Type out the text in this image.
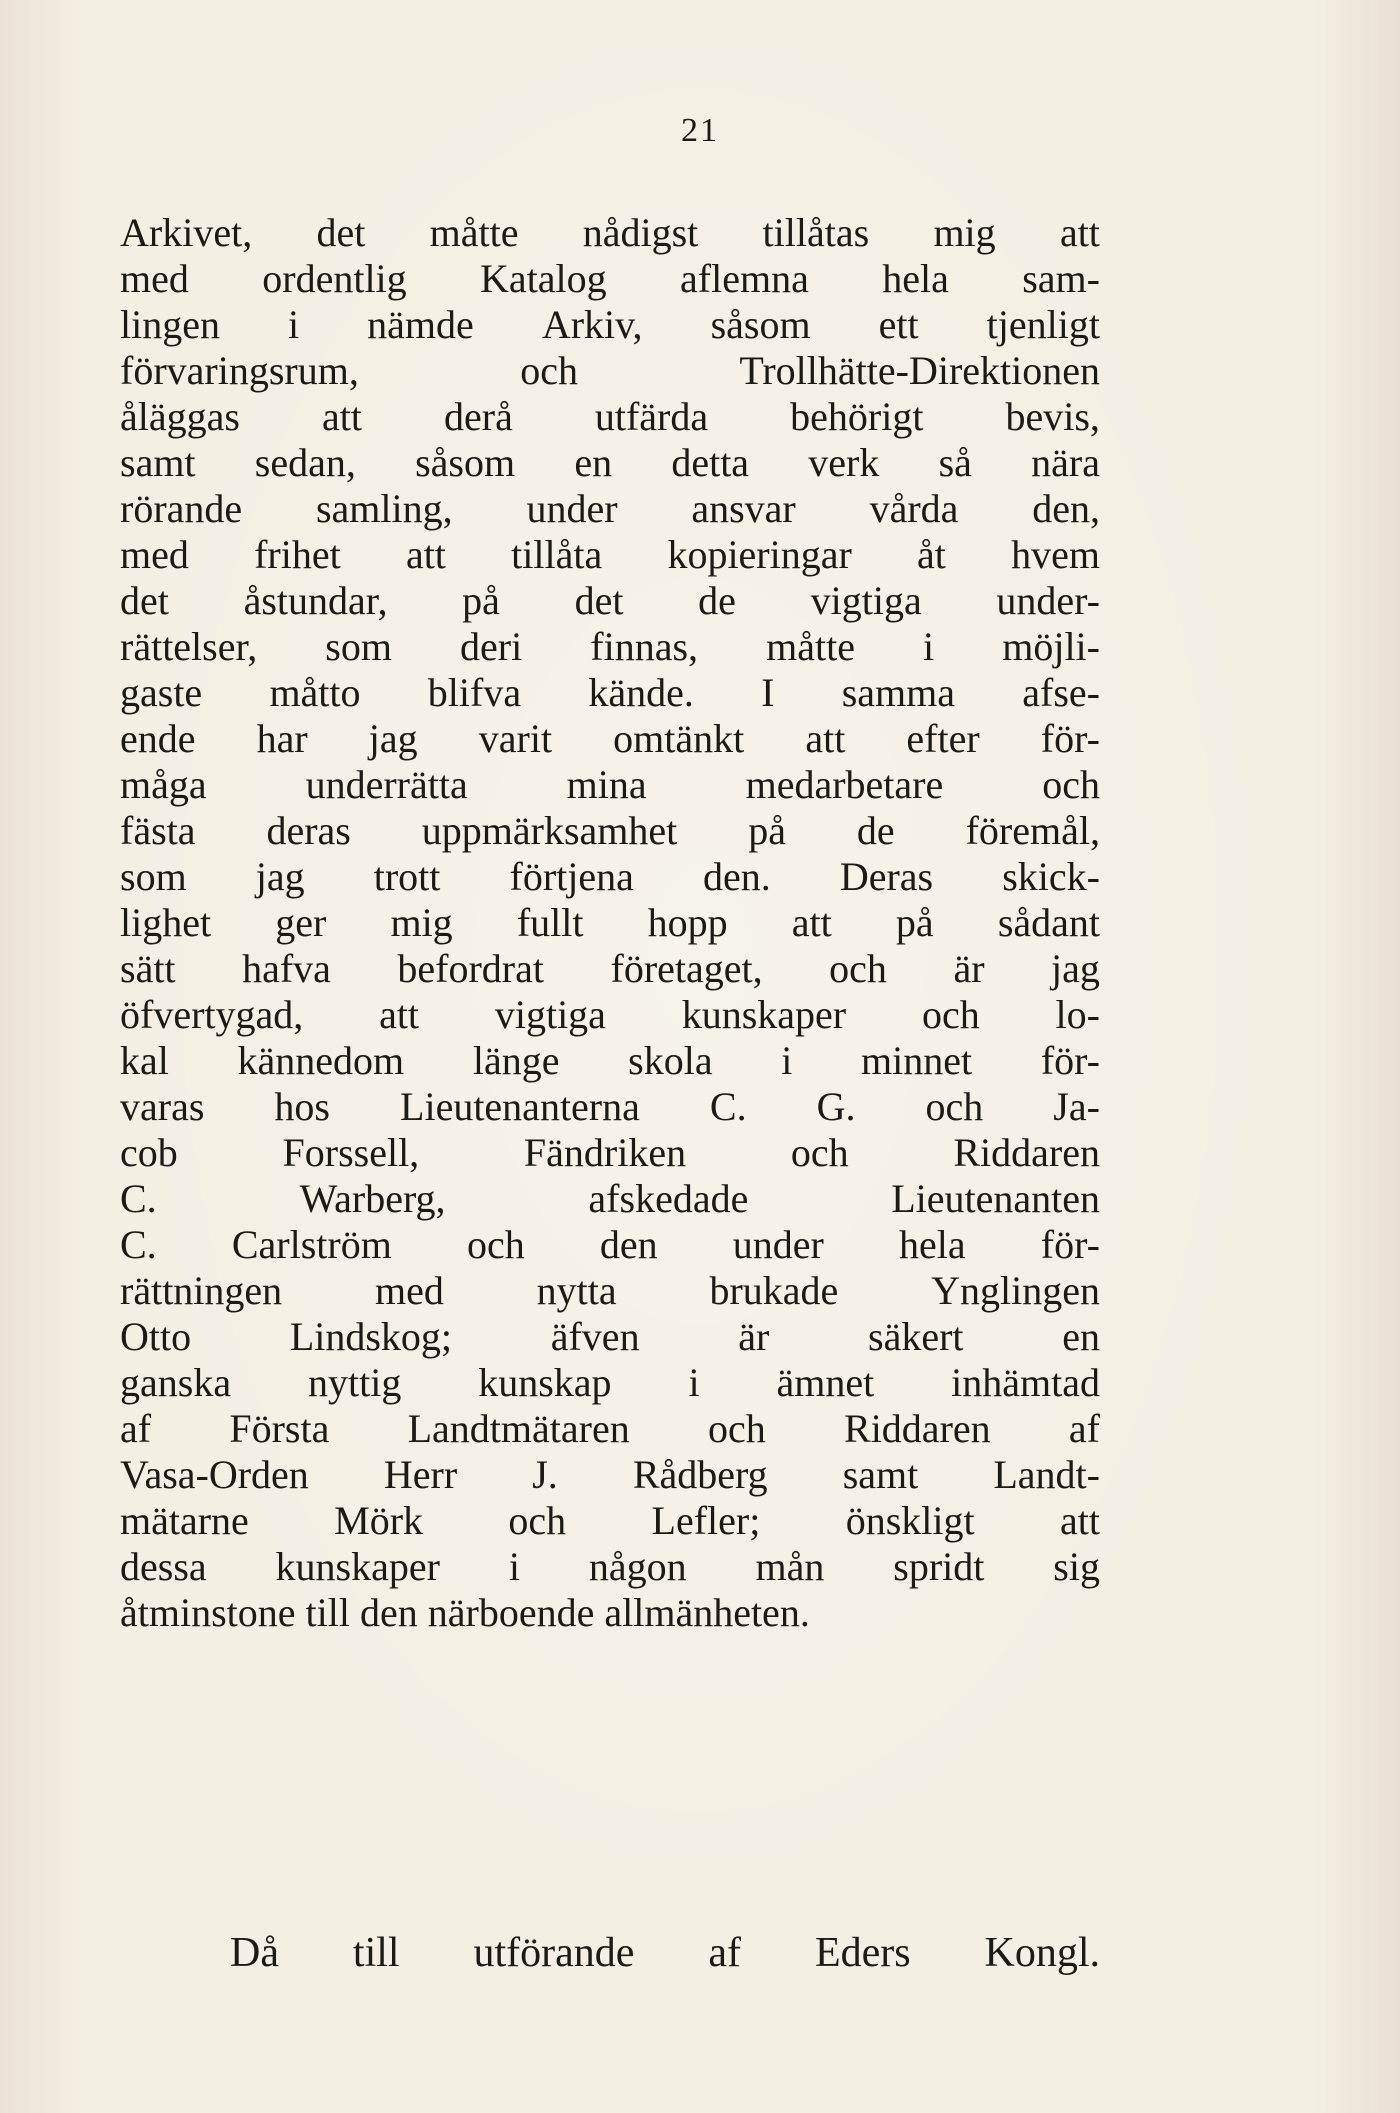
21
Arkivet, det måtte nådigst tillåtas mig att
med ordentlig Katalog aflemna hela sam-
lingen i nämde Arkiv, såsom ett tjenligt
förvaringsrum,	och	Trollhätte-Direktionen
åläggas att derå utfärda behörigt bevis,
samt sedan, såsom en detta verk så nära
rörande samling, under ansvar vårda den,
med frihet att tillåta kopieringar åt hvem
det åstundar, på det de vigtiga under-
rättelser, som deri finnas, måtte i möjli-
gaste måtto blifva kände. I samma afse-
ende har jag varit omtänkt att efter för-
måga underrätta mina medarbetare och
fästa deras uppmärksamhet på de föremål,
som jag trott förtjena den. Deras skick-
lighet ger mig fullt hopp att på sådant
sätt hafva befordrat företaget, och är jag
öfvertygad, att vigtiga kunskaper och lo-
kal kännedom länge skola i minnet för-
varas hos Lieutenanterna C. G. och Ja-
cob	Forssell,	Fändriken	och	Riddaren
C.	Warberg,	afskedade	Lieutenanten
C. Carlström och den under hela för-
rättningen med nytta brukade Ynglingen
Otto Lindskog; äfven är säkert en
ganska nyttig kunskap i ämnet inhämtad
af Första Landtmätaren och Riddaren af
Vasa-Orden Herr J. Rådberg samt Landt-
mätarne Mörk och Lefler; önskligt att
dessa kunskaper i någon mån spridt sig
åtminstone till den närboende allmänheten.
Då till utförande af Eders Kongl.
